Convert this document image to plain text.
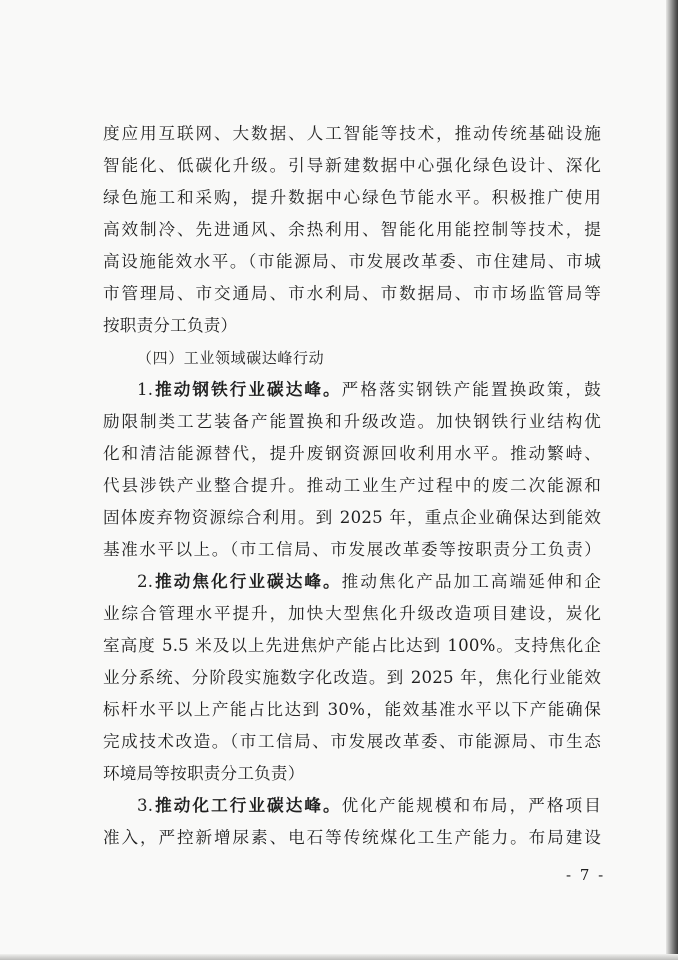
度应用互联网、大数据、人工智能等技术，推动传统基础设施
智能化、低碳化升级。引导新建数据中心强化绿色设计、深化
绿色施工和采购，提升数据中心绿色节能水平。积极推广使用
高效制冷、先进通风、余热利用、智能化用能控制等技术，提
高设施能效水平。（市能源局、市发展改革委、市住建局、市城
市管理局、市交通局、市水利局、市数据局、市市场监管局等
按职责分工负责）
（四）工业领域碳达峰行动
1.推动钢铁行业碳达峰。严格落实钢铁产能置换政策，鼓
励限制类工艺装备产能置换和升级改造。加快钢铁行业结构优
化和清洁能源替代，提升废钢资源回收利用水平。推动繁峙、
代县涉铁产业整合提升。推动工业生产过程中的废二次能源和
固体废弃物资源综合利用。到 2025 年，重点企业确保达到能效
基准水平以上。（市工信局、市发展改革委等按职责分工负责）
2.推动焦化行业碳达峰。推动焦化产品加工高端延伸和企
业综合管理水平提升，加快大型焦化升级改造项目建设，炭化
室高度 5.5 米及以上先进焦炉产能占比达到 100%。支持焦化企
业分系统、分阶段实施数字化改造。到 2025 年，焦化行业能效
标杆水平以上产能占比达到 30%，能效基准水平以下产能确保
完成技术改造。（市工信局、市发展改革委、市能源局、市生态
环境局等按职责分工负责）
3.推动化工行业碳达峰。优化产能规模和布局，严格项目
准入，严控新增尿素、电石等传统煤化工生产能力。布局建设
- 7 -
